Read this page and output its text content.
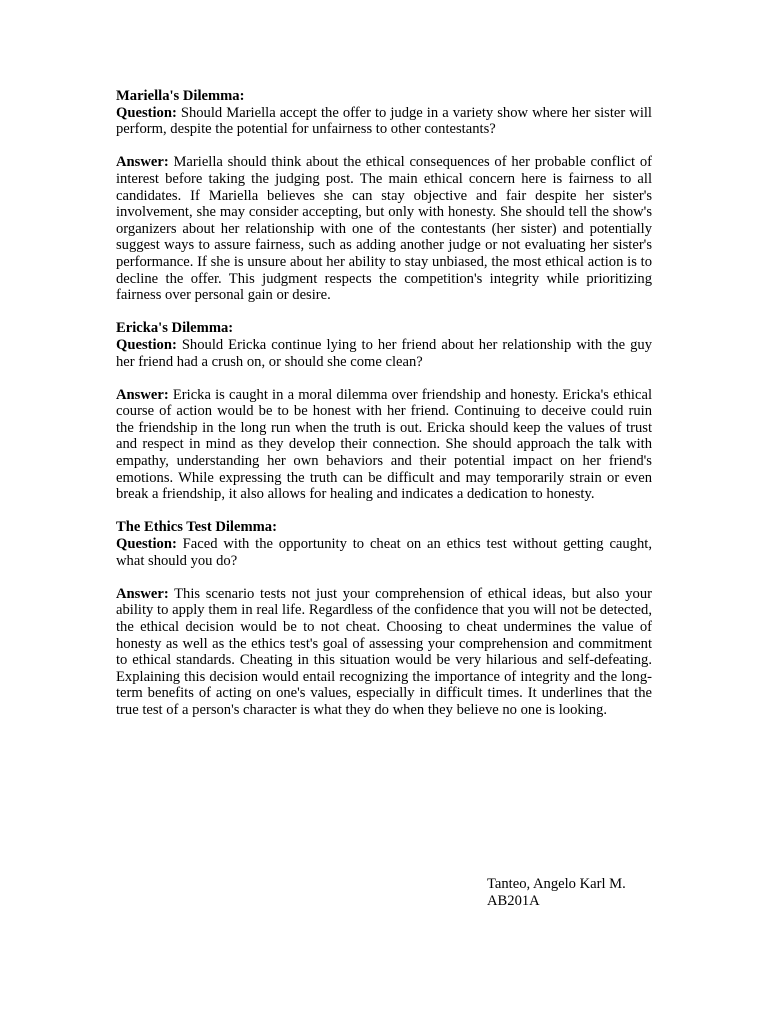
Mariella's Dilemma:

Question: Should Mariella accept the offer to judge in a variety show where her sister will perform, despite the potential for unfairness to other contestants?

Answer: Mariella should think about the ethical consequences of her probable conflict of interest before taking the judging post. The main ethical concern here is fairness to all candidates. If Mariella believes she can stay objective and fair despite her sister's involvement, she may consider accepting, but only with honesty. She should tell the show's organizers about her relationship with one of the contestants (her sister) and potentially suggest ways to assure fairness, such as adding another judge or not evaluating her sister's performance. If she is unsure about her ability to stay unbiased, the most ethical action is to decline the offer. This judgment respects the competition's integrity while prioritizing fairness over personal gain or desire.

Ericka's Dilemma:

Question: Should Ericka continue lying to her friend about her relationship with the guy her friend had a crush on, or should she come clean?

Answer: Ericka is caught in a moral dilemma over friendship and honesty. Ericka's ethical course of action would be to be honest with her friend. Continuing to deceive could ruin the friendship in the long run when the truth is out. Ericka should keep the values of trust and respect in mind as they develop their connection. She should approach the talk with empathy, understanding her own behaviors and their potential impact on her friend's emotions. While expressing the truth can be difficult and may temporarily strain or even break a friendship, it also allows for healing and indicates a dedication to honesty.

The Ethics Test Dilemma:

Question: Faced with the opportunity to cheat on an ethics test without getting caught, what should you do?

Answer: This scenario tests not just your comprehension of ethical ideas, but also your ability to apply them in real life. Regardless of the confidence that you will not be detected, the ethical decision would be to not cheat. Choosing to cheat undermines the value of honesty as well as the ethics test's goal of assessing your comprehension and commitment to ethical standards. Cheating in this situation would be very hilarious and self-defeating. Explaining this decision would entail recognizing the importance of integrity and the long-term benefits of acting on one's values, especially in difficult times. It underlines that the true test of a person's character is what they do when they believe no one is looking.

Tanteo, Angelo Karl M.
AB201A
